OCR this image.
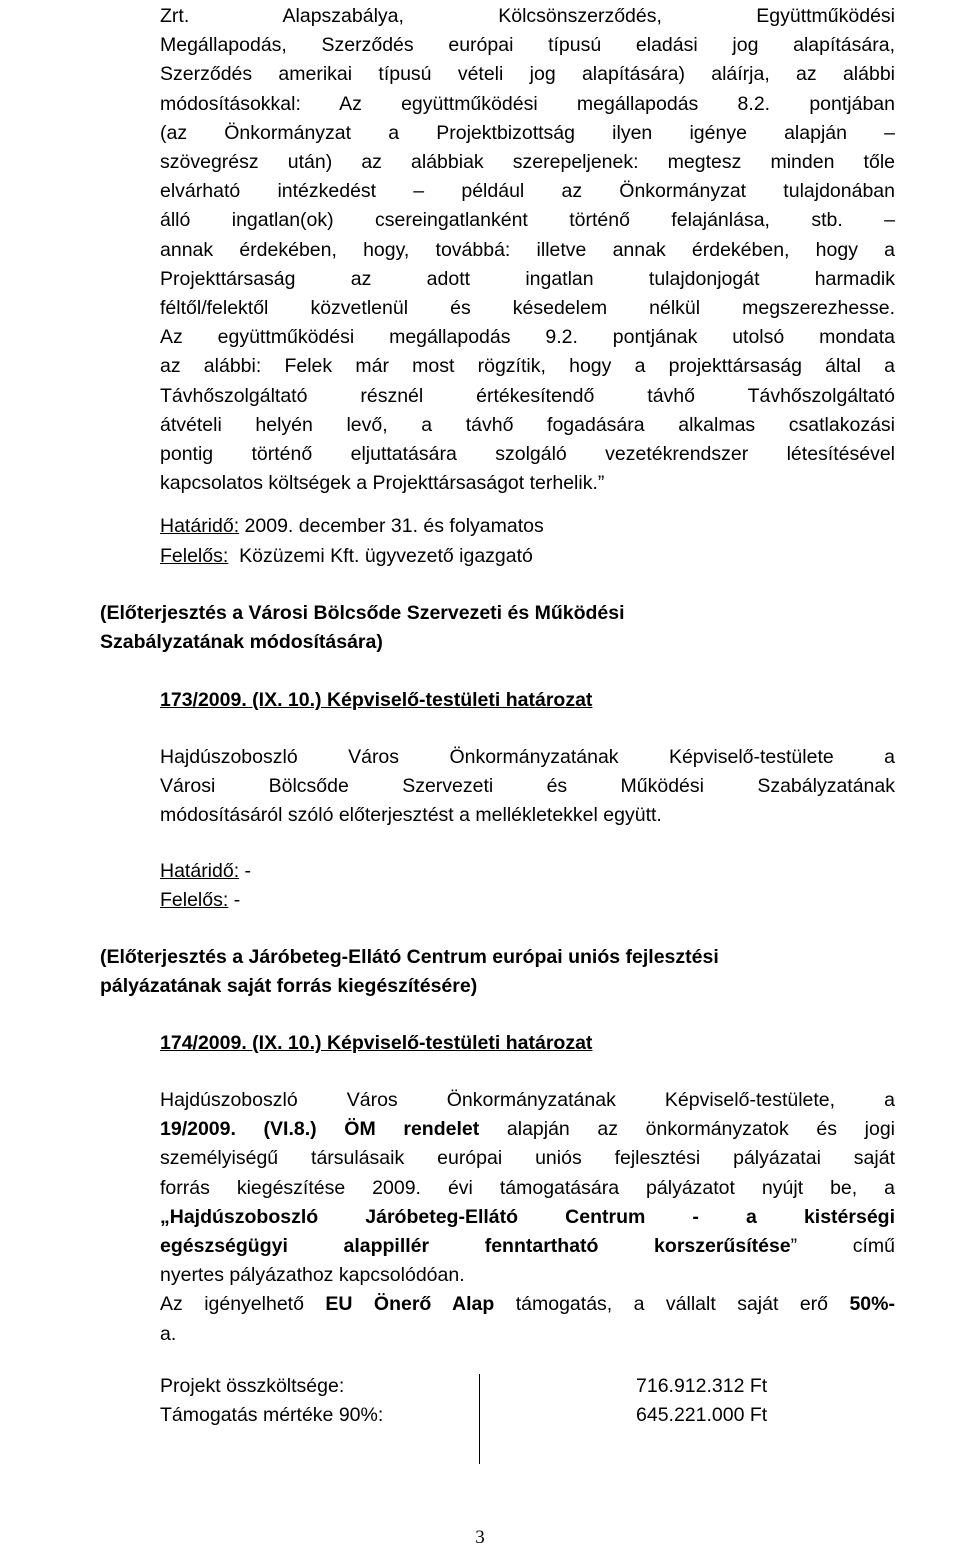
Zrt. Alapszabálya, Kölcsönszerződés, Együttműködési
Megállapodás, Szerződés európai típusú eladási jog alapítására,
Szerződés amerikai típusú vételi jog alapítására) aláírja, az alábbi
módosításokkal: Az együttműködési megállapodás 8.2. pontjában
(az Önkormányzat a Projektbizottság ilyen igénye alapján –
szövegrész után) az alábbiak szerepeljenek: megtesz minden tőle
elvárható intézkedést – például az Önkormányzat tulajdonában
álló ingatlan(ok) csereingatlanként történő felajánlása, stb. –
annak érdekében, hogy, továbbá: illetve annak érdekében, hogy a
Projekttársaság az adott ingatlan tulajdonjogát harmadik
féltől/felektől közvetlenül és késedelem nélkül megszerezhesse.
Az együttműködési megállapodás 9.2. pontjának utolsó mondata
az alábbi: Felek már most rögzítik, hogy a projekttársaság által a
Távhőszolgáltató résznél értékesítendő távhő Távhőszolgáltató
átvételi helyén levő, a távhő fogadására alkalmas csatlakozási
pontig történő eljuttatására szolgáló vezetékrendszer létesítésével
kapcsolatos költségek a Projekttársaságot terhelik.”
Határidő: 2009. december 31. és folyamatos
Felelős: Közüzemi Kft. ügyvezető igazgató
(Előterjesztés a Városi Bölcsőde Szervezeti és Működési
Szabályzatának módosítására)
173/2009. (IX. 10.) Képviselő-testületi határozat
Hajdúszoboszló Város Önkormányzatának Képviselő-testülete a
Városi Bölcsőde Szervezeti és Működési Szabályzatának
módosításáról szóló előterjesztést a mellékletekkel együtt.
Határidő: -
Felelős: -
(Előterjesztés a Járóbeteg-Ellátó Centrum európai uniós fejlesztési
pályázatának saját forrás kiegészítésére)
174/2009. (IX. 10.) Képviselő-testületi határozat
Hajdúszoboszló Város Önkormányzatának Képviselő-testülete, a
19/2009. (VI.8.) ÖM rendelet alapján az önkormányzatok és jogi
személyiségű társulásaik európai uniós fejlesztési pályázatai saját
forrás kiegészítése 2009. évi támogatására pályázatot nyújt be, a
„Hajdúszoboszló Járóbeteg-Ellátó Centrum - a kistérségi
egészségügyi alappillér fenntartható korszerűsítése” című
nyertes pályázathoz kapcsolódóan.
Az igényelhető EU Önerő Alap támogatás, a vállalt saját erő 50%-
a.
Projekt összköltsége:	716.912.312 Ft
Támogatás mértéke 90%:	645.221.000 Ft
3
